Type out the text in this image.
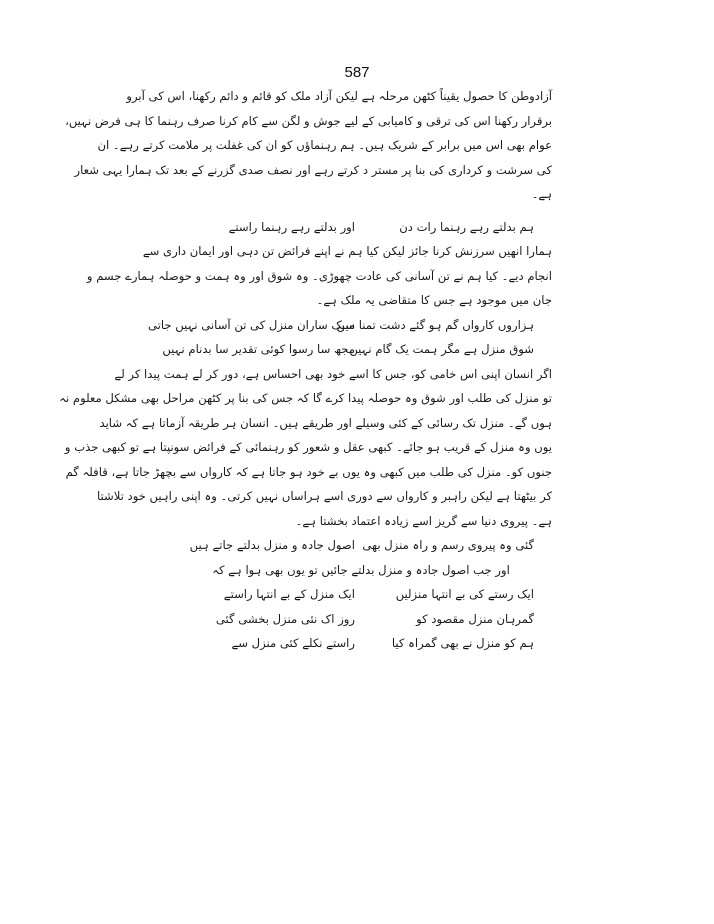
587

آزادوطن کا حصول یقیناً کٹھن مرحلہ ہے لیکن آزاد ملک کو قائم و دائم رکھنا، اس کی آبرو
برقرار رکھنا اس کی ترقی و کامیابی کے لیے جوش و لگن سے کام کرنا صرف رہنما کا ہی فرض نہیں،
عوام بھی اس میں برابر کے شریک ہیں۔ ہم رہنماؤں کو ان کی غفلت پر ملامت کرتے رہے۔ ان
کی سرشت و کرداری کی بنا پر مستر د کرتے رہے اور نصف صدی گزرنے کے بعد تک ہمارا یہی شعار
ہے۔

ہم بدلتے رہے رہنما رات دن
اور بدلتے رہے رہنما راستے

ہمارا انھیں سرزنش کرنا جائز لیکن کیا ہم نے اپنے فرائض تن دہی اور ایمان داری سے
انجام دیے۔ کیا ہم نے تن آسانی کی عادت چھوڑی۔ وہ شوق اور وہ ہمت و حوصلہ ہمارے جسم و
جان میں موجود ہے جس کا متقاضی یہ ملک ہے۔

ہزاروں کارواں گم ہو گئے دشت تمنا میں
سبک ساران منزل کی تن آسانی نہیں جاتی
شوق منزل ہے مگر ہمت یک گام نہیں
مجھ سا رسوا کوئی تقدیر سا بدنام نہیں

اگر انسان اپنی اس خامی کو، جس کا اسے خود بھی احساس ہے، دور کر لے ہمت پیدا کر لے
تو منزل کی طلب اور شوق وہ حوصلہ پیدا کرے گا کہ جس کی بنا پر کٹھن مراحل بھی مشکل معلوم نہ
ہوں گے۔ منزل تک رسائی کے کئی وسیلے اور طریقے ہیں۔ انسان ہر طریقہ آزماتا ہے کہ شاید
یوں وہ منزل کے قریب ہو جائے۔ کبھی عقل و شعور کو رہنمائی کے فرائض سونپتا ہے تو کبھی جذب و
جنوں کو۔ منزل کی طلب میں کبھی وہ یوں بے خود ہو جاتا ہے کہ کارواں سے بچھڑ جاتا ہے، قافلہ گم
کر بیٹھتا ہے لیکن راہبر و کارواں سے دوری اسے ہراساں نہیں کرتی۔ وہ اپنی راہیں خود تلاشتا
ہے۔ پیروی دنیا سے گریز اسے زیادہ اعتماد بخشتا ہے۔

گئی وہ پیروی رسم و راہ منزل بھی
اصول جادہ و منزل بدلتے جاتے ہیں
اور جب اصول جادہ و منزل بدلتے جائیں تو یوں بھی ہوا ہے کہ
ایک رستے کی بے انتہا منزلیں
ایک منزل کے بے انتہا راستے
گمرہان منزل مقصود کو
روز اک نئی منزل بخشی گئی
ہم کو منزل نے بھی گمراہ کیا
راستے نکلے کئی منزل سے
